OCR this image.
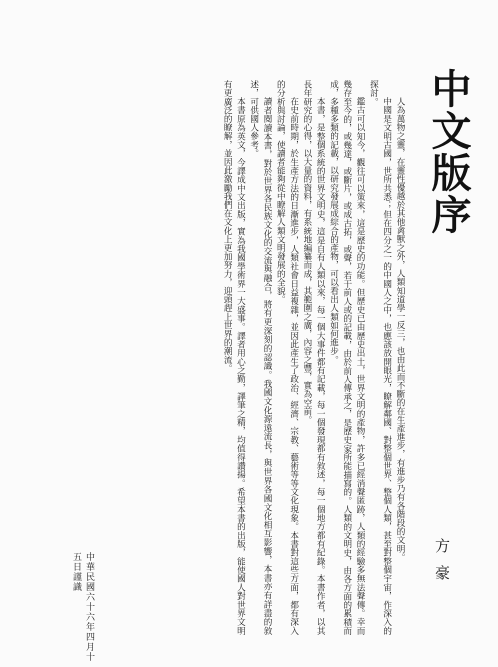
中文版序
方豪

人為萬物之靈，在靈性優越於其他禽獸之外，人類知道學一反三，也由此而不斷的在生產進步，有進步乃有各階段的文明。

中國是文明古國，世所共悉；但在四分之一的中國人之中，也應該放開眼光，瞭解鄰國、對整個世界、整個人類，甚至對整個宇宙，作深入的探討。

鑑古可以知今，觀往可以策來，這是歷史的功能。但歷史已由歷史出土，世界文明的產物，許多已經消聲匿跡，人類的經驗多無法聲傳。幸而幾存至今的，或幾達，或斷片，或成古拓，或聲，若干前人或的記載，由於前人傳承之，是歷史家所能描寫的。人類的文明史，由各方面的累積而成，多種多類的記載，以研究發展成綜合的產物，可以看出人類如何進步。

本書，是整個系統的世界文明史，這是自有人類以來，每一個大事件都有記載，每一個發現都有敘述，每一個地方都有紀錄。本書作者，以其長年研究的心得，以大量的資料，有系統地編纂而成，其範圍之廣，內容之豐，實為空前。

在史前時期，於生產方法的日漸進步，人類社會日益複雜，並因此產生了政治、經濟、宗教、藝術等等文化現象。本書對這些方面，都有深入的分析與討論，使讀者能夠從中瞭解人類文明發展的全貌。

讀者閱讀本書，對於世界各民族文化的交流與融合，將有更深刻的認識。我國文化源遠流長，與世界各國文化相互影響，本書亦有詳盡的敘述，可供國人參考。

本書原為英文，今譯成中文出版，實為我國學術界一大盛事。譯者用心之勤，譯筆之精，均值得讚揚。希望本書的出版，能使國人對世界文明有更廣泛的瞭解，並因此激勵我們在文化上更加努力，迎頭趕上世界的潮流。

中華民國六十六年四月十五日謹識
